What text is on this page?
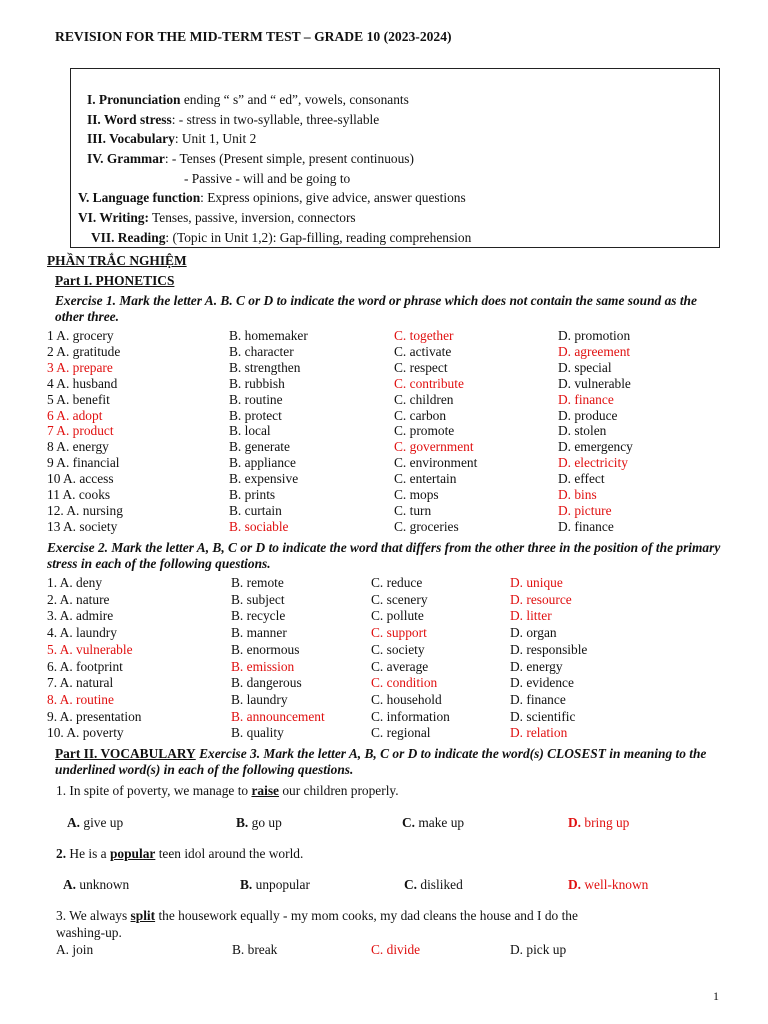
REVISION FOR THE MID-TERM TEST – GRADE 10 (2023-2024)
I. Pronunciation ending “ s” and “ ed”, vowels, consonants
II. Word stress: - stress in two-syllable, three-syllable
III. Vocabulary: Unit 1, Unit 2
IV. Grammar: - Tenses (Present simple, present continuous)
- Passive - will and be going to
V. Language function: Express opinions, give advice, answer questions
VI. Writing: Tenses, passive, inversion, connectors
VII. Reading: (Topic in Unit 1,2): Gap-filling, reading comprehension
PHẦN TRẮC NGHIỆM
Part I. PHONETICS
Exercise 1. Mark the letter A. B. C or D to indicate the word or phrase which does not contain the same sound as the other three.
1 A. grocery	B. homemaker	C. together	D. promotion
2 A. gratitude	B. character	C. activate	D. agreement
3 A. prepare	B. strengthen	C. respect	D. special
4 A. husband	B. rubbish	C. contribute	D. vulnerable
5 A. benefit	B. routine	C. children	D. finance
6 A. adopt	B. protect	C. carbon	D. produce
7 A. product	B. local	C. promote	D. stolen
8 A. energy	B. generate	C. government	D. emergency
9 A. financial	B. appliance	C. environment	D. electricity
10 A. access	B. expensive	C. entertain	D. effect
11 A. cooks	B. prints	C. mops	D. bins
12. A. nursing	B. curtain	C. turn	D. picture
13 A. society	B. sociable	C. groceries	D. finance
Exercise 2. Mark the letter A, B, C or D to indicate the word that differs from the other three in the position of the primary stress in each of the following questions.
1. A. deny	B. remote	C. reduce	D. unique
2. A. nature	B. subject	C. scenery	D. resource
3. A. admire	B. recycle	C. pollute	D. litter
4. A. laundry	B. manner	C. support	D. organ
5. A. vulnerable	B. enormous	C. society	D. responsible
6. A. footprint	B. emission	C. average	D. energy
7. A. natural	B. dangerous	C. condition	D. evidence
8. A. routine	B. laundry	C. household	D. finance
9. A. presentation	B. announcement	C. information	D. scientific
10. A. poverty	B. quality	C. regional	D. relation
Part II. VOCABULARY Exercise 3. Mark the letter A, B, C or D to indicate the word(s) CLOSEST in meaning to the underlined word(s) in each of the following questions.
1. In spite of poverty, we manage to raise our children properly.
A. give up	B. go up	C. make up	D. bring up
2. He is a popular teen idol around the world.
A. unknown	B. unpopular	C. disliked	D. well-known
3. We always split the housework equally - my mom cooks, my dad cleans the house and I do the
washing-up.
A. join	B. break	C. divide	D. pick up
1
